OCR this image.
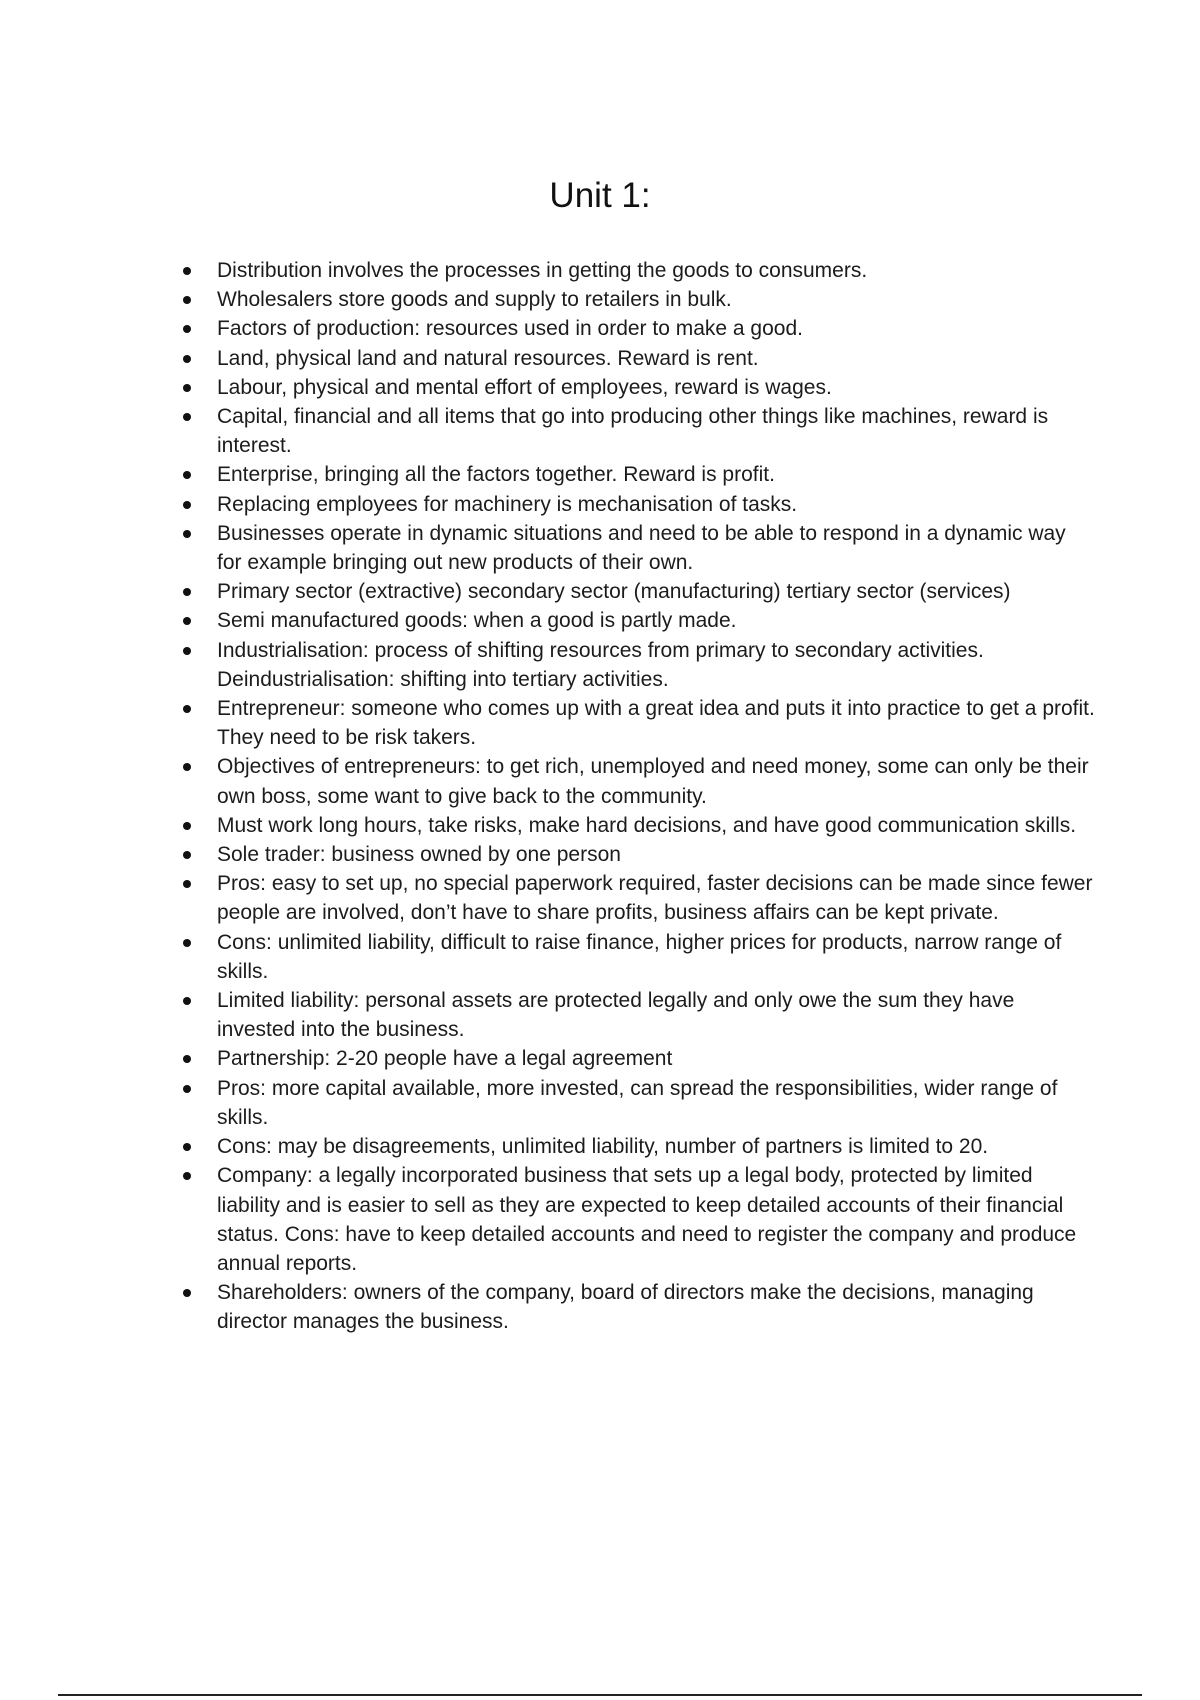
Unit 1:
Distribution involves the processes in getting the goods to consumers.
Wholesalers store goods and supply to retailers in bulk.
Factors of production: resources used in order to make a good.
Land, physical land and natural resources. Reward is rent.
Labour, physical and mental effort of employees, reward is wages.
Capital, financial and all items that go into producing other things like machines, reward is interest.
Enterprise, bringing all the factors together. Reward is profit.
Replacing employees for machinery is mechanisation of tasks.
Businesses operate in dynamic situations and need to be able to respond in a dynamic way for example bringing out new products of their own.
Primary sector (extractive) secondary sector (manufacturing) tertiary sector (services)
Semi manufactured goods: when a good is partly made.
Industrialisation: process of shifting resources from primary to secondary activities. Deindustrialisation: shifting into tertiary activities.
Entrepreneur: someone who comes up with a great idea and puts it into practice to get a profit. They need to be risk takers.
Objectives of entrepreneurs: to get rich, unemployed and need money, some can only be their own boss, some want to give back to the community.
Must work long hours, take risks, make hard decisions, and have good communication skills.
Sole trader: business owned by one person
Pros: easy to set up, no special paperwork required, faster decisions can be made since fewer people are involved, don’t have to share profits, business affairs can be kept private.
Cons: unlimited liability, difficult to raise finance, higher prices for products, narrow range of skills.
Limited liability: personal assets are protected legally and only owe the sum they have invested into the business.
Partnership: 2-20 people have a legal agreement
Pros: more capital available, more invested, can spread the responsibilities, wider range of skills.
Cons: may be disagreements, unlimited liability, number of partners is limited to 20.
Company: a legally incorporated business that sets up a legal body, protected by limited liability and is easier to sell as they are expected to keep detailed accounts of their financial status. Cons: have to keep detailed accounts and need to register the company and produce annual reports.
Shareholders: owners of the company, board of directors make the decisions, managing director manages the business.
